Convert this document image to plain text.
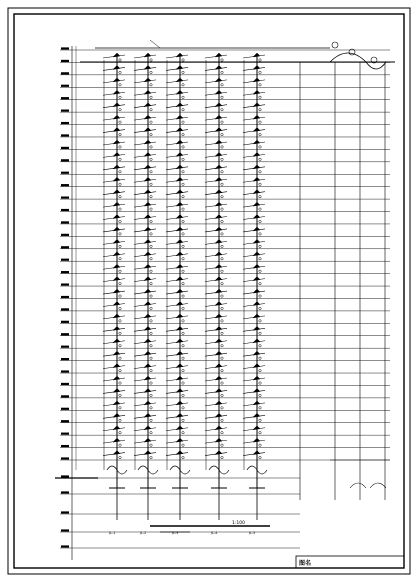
图名
1:100
JL-1	JL-2	JL-3	JL-4	JL-5
